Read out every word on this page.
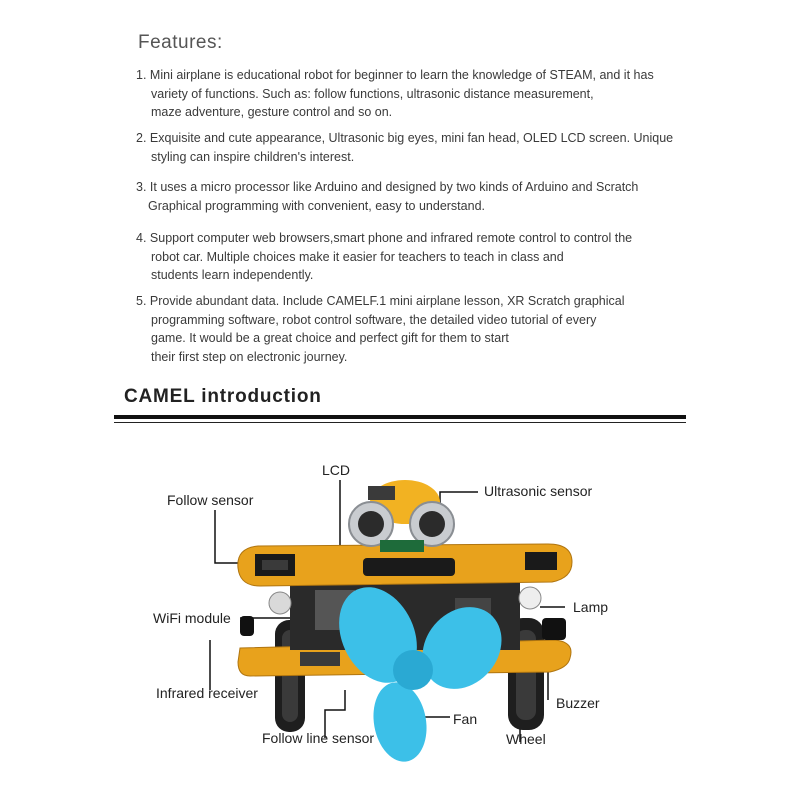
Features:
1. Mini airplane is educational robot for beginner to learn the knowledge of STEAM, and it has
variety of functions. Such as: follow functions, ultrasonic distance measurement,
maze adventure, gesture control and so on.
2. Exquisite and cute appearance, Ultrasonic big eyes, mini fan head, OLED LCD screen. Unique
styling can inspire children's interest.
3. It uses a micro processor like Arduino and designed by two kinds of Arduino and Scratch
Graphical programming with convenient, easy to understand.
4. Support computer web browsers,smart phone and infrared remote control to control the
robot car. Multiple choices make it easier for teachers to teach in class and
students learn independently.
5. Provide abundant data. Include CAMELF.1 mini airplane lesson, XR Scratch graphical
programming software, robot control software, the detailed video tutorial of every
game. It would be a great choice and perfect gift for them to start
their first step on electronic journey.
CAMEL introduction
LCD
Ultrasonic sensor
Follow sensor
Lamp
WiFi module
Infrared receiver
Buzzer
Fan
Follow line sensor	Wheel
